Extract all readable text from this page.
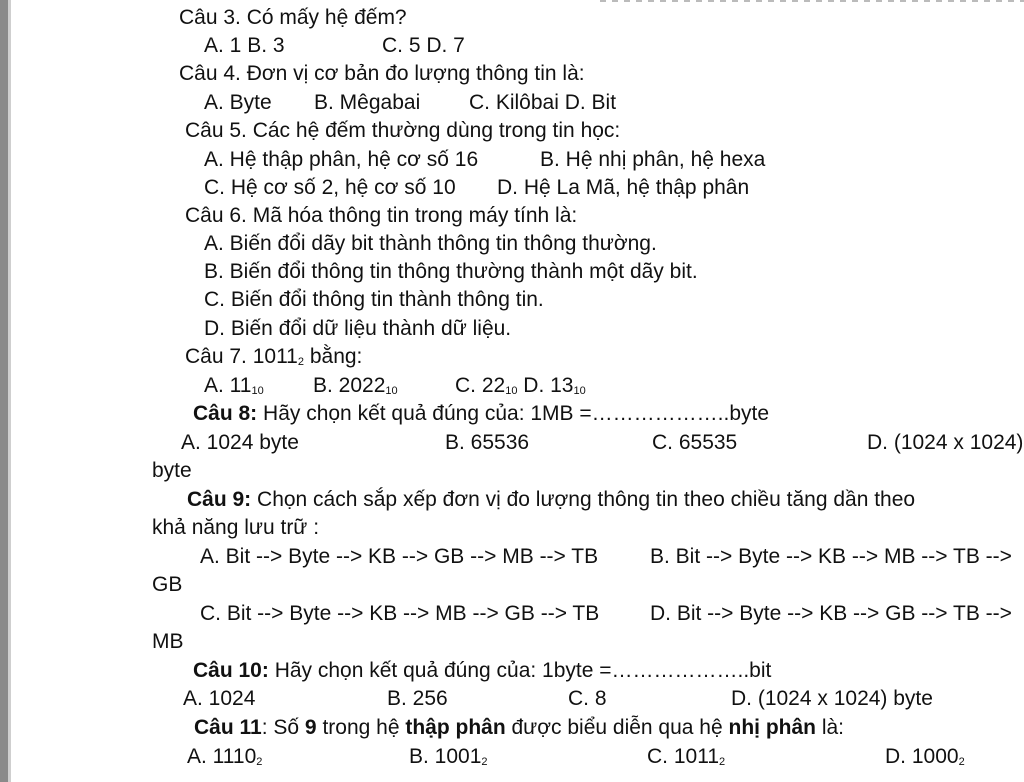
Câu 3. Có mấy hệ đếm?
A. 1 B. 3	C. 5 D. 7
Câu 4. Đơn vị cơ bản đo lượng thông tin là:
A. Byte B. Mêgabai C. Kilôbai D. Bit
Câu 5. Các hệ đếm thường dùng trong tin học:
A. Hệ thập phân, hệ cơ số 16	B. Hệ nhị phân, hệ hexa
C. Hệ cơ số 2, hệ cơ số 10 D. Hệ La Mã, hệ thập phân
Câu 6. Mã hóa thông tin trong máy tính là:
A. Biến đổi dãy bit thành thông tin thông thường.
B. Biến đổi thông tin thông thường thành một dãy bit.
C. Biến đổi thông tin thành thông tin.
D. Biến đổi dữ liệu thành dữ liệu.
Câu 7. 10112 bằng:
A. 1110 B. 202210	C. 2210 D. 1310
Câu 8: Hãy chọn kết quả đúng của: 1MB =………………..byte
A. 1024 byte	B. 65536	C. 65535	D. (1024 x 1024)
byte
Câu 9: Chọn cách sắp xếp đơn vị đo lượng thông tin theo chiều tăng dần theo
khả năng lưu trữ :
A. Bit --> Byte --> KB --> GB --> MB --> TB B. Bit --> Byte --> KB --> MB --> TB -->
GB
C. Bit --> Byte --> KB --> MB --> GB --> TB D. Bit --> Byte --> KB --> GB --> TB -->
MB
Câu 10: Hãy chọn kết quả đúng của: 1byte =………………..bit
A. 1024	B. 256	C. 8	D. (1024 x 1024) byte
Câu 11: Số 9 trong hệ thập phân được biểu diễn qua hệ nhị phân là:
A. 11102	B. 10012	C. 10112	D. 10002
